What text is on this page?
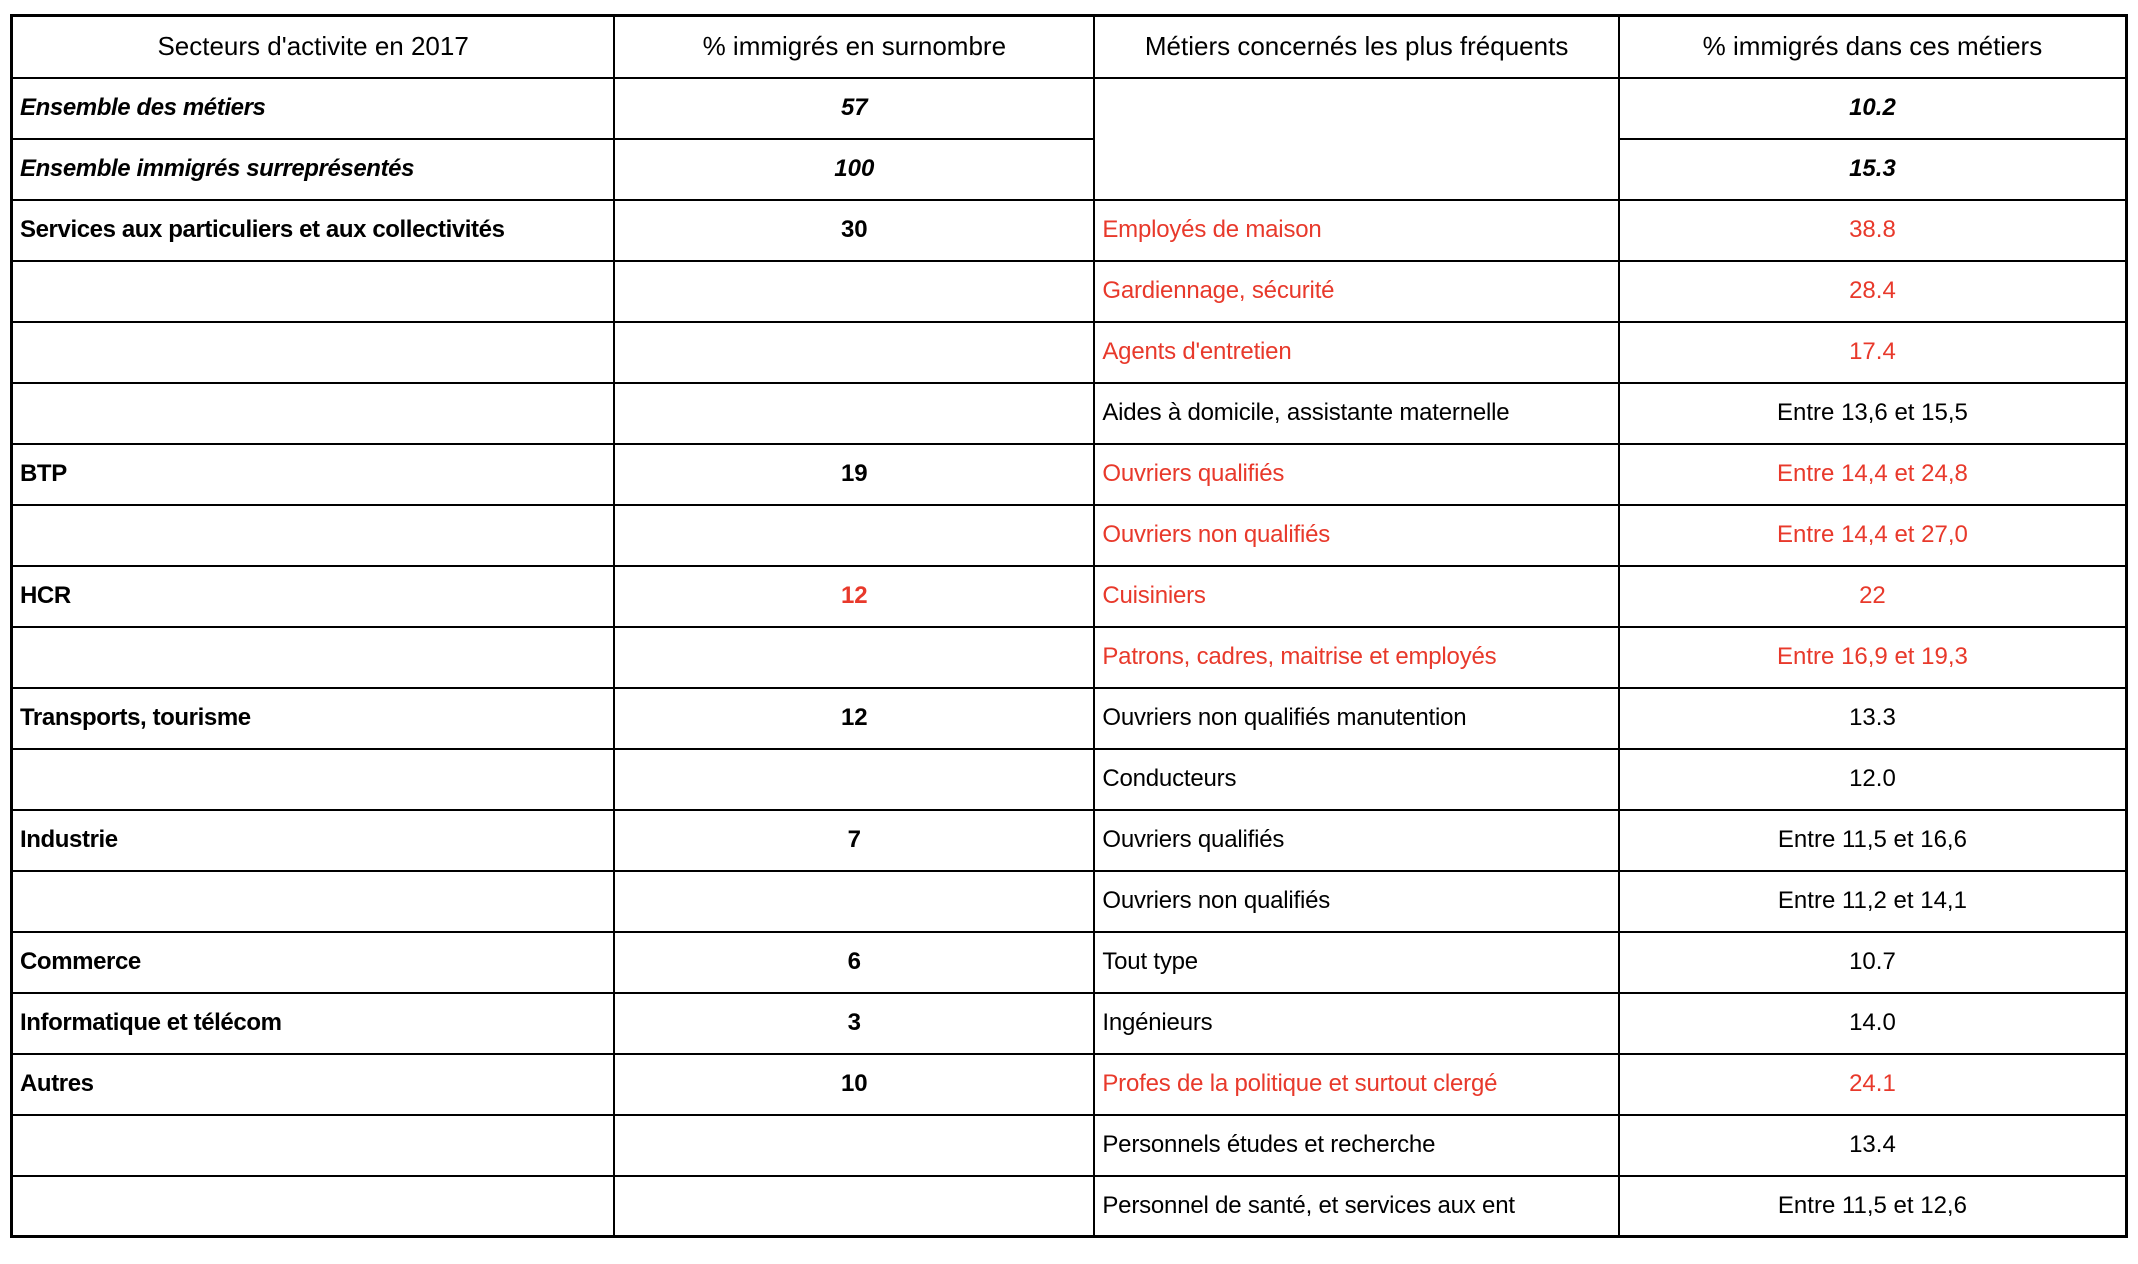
Secteurs d'activite en 2017	% immigrés en surnombre	Métiers concernés les plus fréquents	% immigrés dans ces métiers
Ensemble des métiers	57		10.2
Ensemble immigrés surreprésentés	100		15.3
Services aux particuliers et aux collectivités	30	Employés de maison	38.8
		Gardiennage, sécurité	28.4
		Agents d'entretien	17.4
		Aides à domicile, assistante maternelle	Entre 13,6 et 15,5
BTP	19	Ouvriers qualifiés	Entre 14,4 et 24,8
		Ouvriers non qualifiés	Entre 14,4 et 27,0
HCR	12	Cuisiniers	22
		Patrons, cadres, maitrise et employés	Entre 16,9 et 19,3
Transports, tourisme	12	Ouvriers non qualifiés manutention	13.3
		Conducteurs	12.0
Industrie	7	Ouvriers qualifiés	Entre 11,5 et 16,6
		Ouvriers non qualifiés	Entre 11,2 et 14,1
Commerce	6	Tout type	10.7
Informatique et télécom	3	Ingénieurs	14.0
Autres	10	Profes de la politique et surtout clergé	24.1
		Personnels études et recherche	13.4
		Personnel de santé, et services aux ent	Entre 11,5 et 12,6
